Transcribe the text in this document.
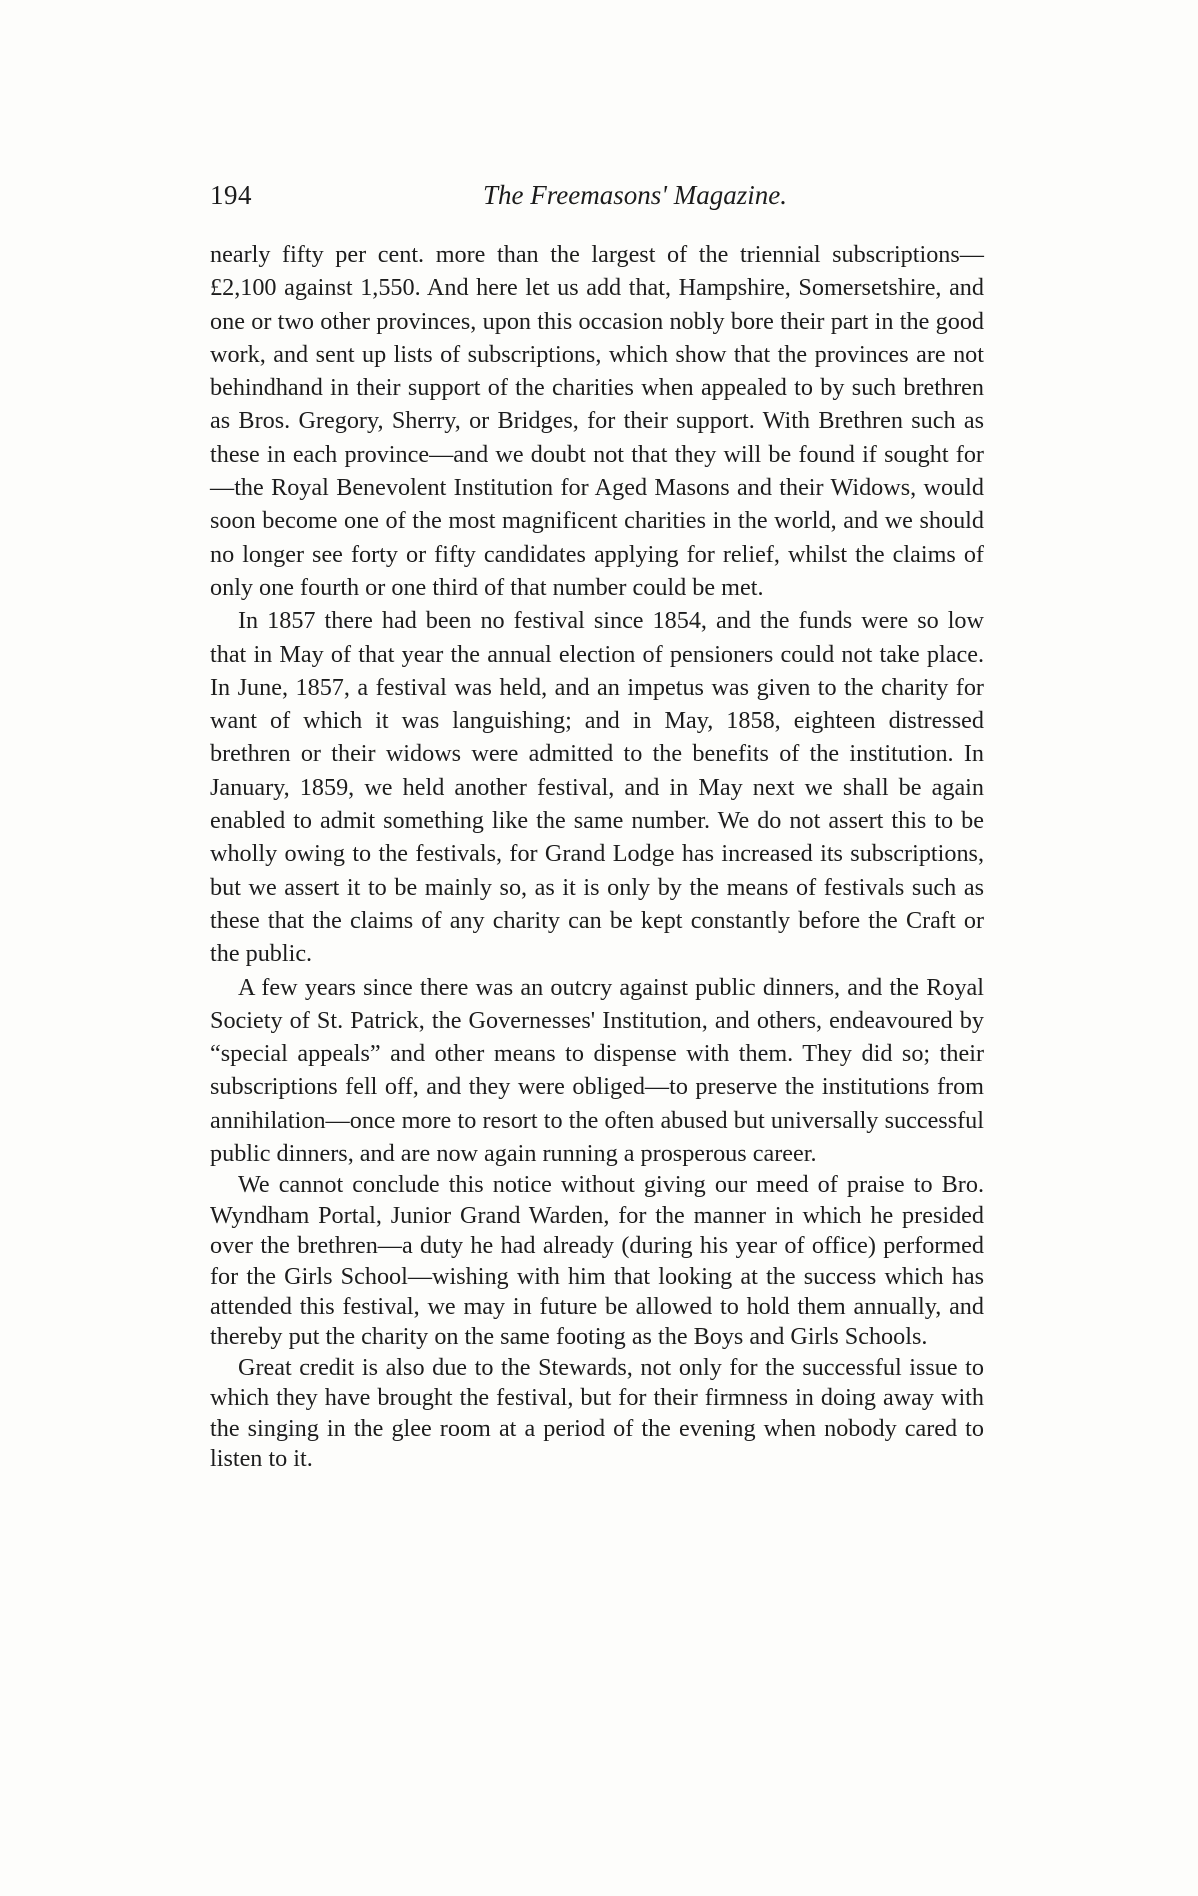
194	The Freemasons' Magazine.

nearly fifty per cent. more than the largest of the triennial subscriptions—£2,100 against 1,550. And here let us add that, Hampshire, Somersetshire, and one or two other provinces, upon this occasion nobly bore their part in the good work, and sent up lists of subscriptions, which show that the provinces are not behindhand in their support of the charities when appealed to by such brethren as Bros. Gregory, Sherry, or Bridges, for their support. With Brethren such as these in each province—and we doubt not that they will be found if sought for—the Royal Benevolent Institution for Aged Masons and their Widows, would soon become one of the most magnificent charities in the world, and we should no longer see forty or fifty candidates applying for relief, whilst the claims of only one fourth or one third of that number could be met.

In 1857 there had been no festival since 1854, and the funds were so low that in May of that year the annual election of pensioners could not take place. In June, 1857, a festival was held, and an impetus was given to the charity for want of which it was languishing; and in May, 1858, eighteen distressed brethren or their widows were admitted to the benefits of the institution. In January, 1859, we held another festival, and in May next we shall be again enabled to admit something like the same number. We do not assert this to be wholly owing to the festivals, for Grand Lodge has increased its subscriptions, but we assert it to be mainly so, as it is only by the means of festivals such as these that the claims of any charity can be kept constantly before the Craft or the public.

A few years since there was an outcry against public dinners, and the Royal Society of St. Patrick, the Governesses' Institution, and others, endeavoured by “special appeals” and other means to dispense with them. They did so; their subscriptions fell off, and they were obliged—to preserve the institutions from annihilation—once more to resort to the often abused but universally successful public dinners, and are now again running a prosperous career.

We cannot conclude this notice without giving our meed of praise to Bro. Wyndham Portal, Junior Grand Warden, for the manner in which he presided over the brethren—a duty he had already (during his year of office) performed for the Girls School—wishing with him that looking at the success which has attended this festival, we may in future be allowed to hold them annually, and thereby put the charity on the same footing as the Boys and Girls Schools.

Great credit is also due to the Stewards, not only for the successful issue to which they have brought the festival, but for their firmness in doing away with the singing in the glee room at a period of the evening when nobody cared to listen to it.
